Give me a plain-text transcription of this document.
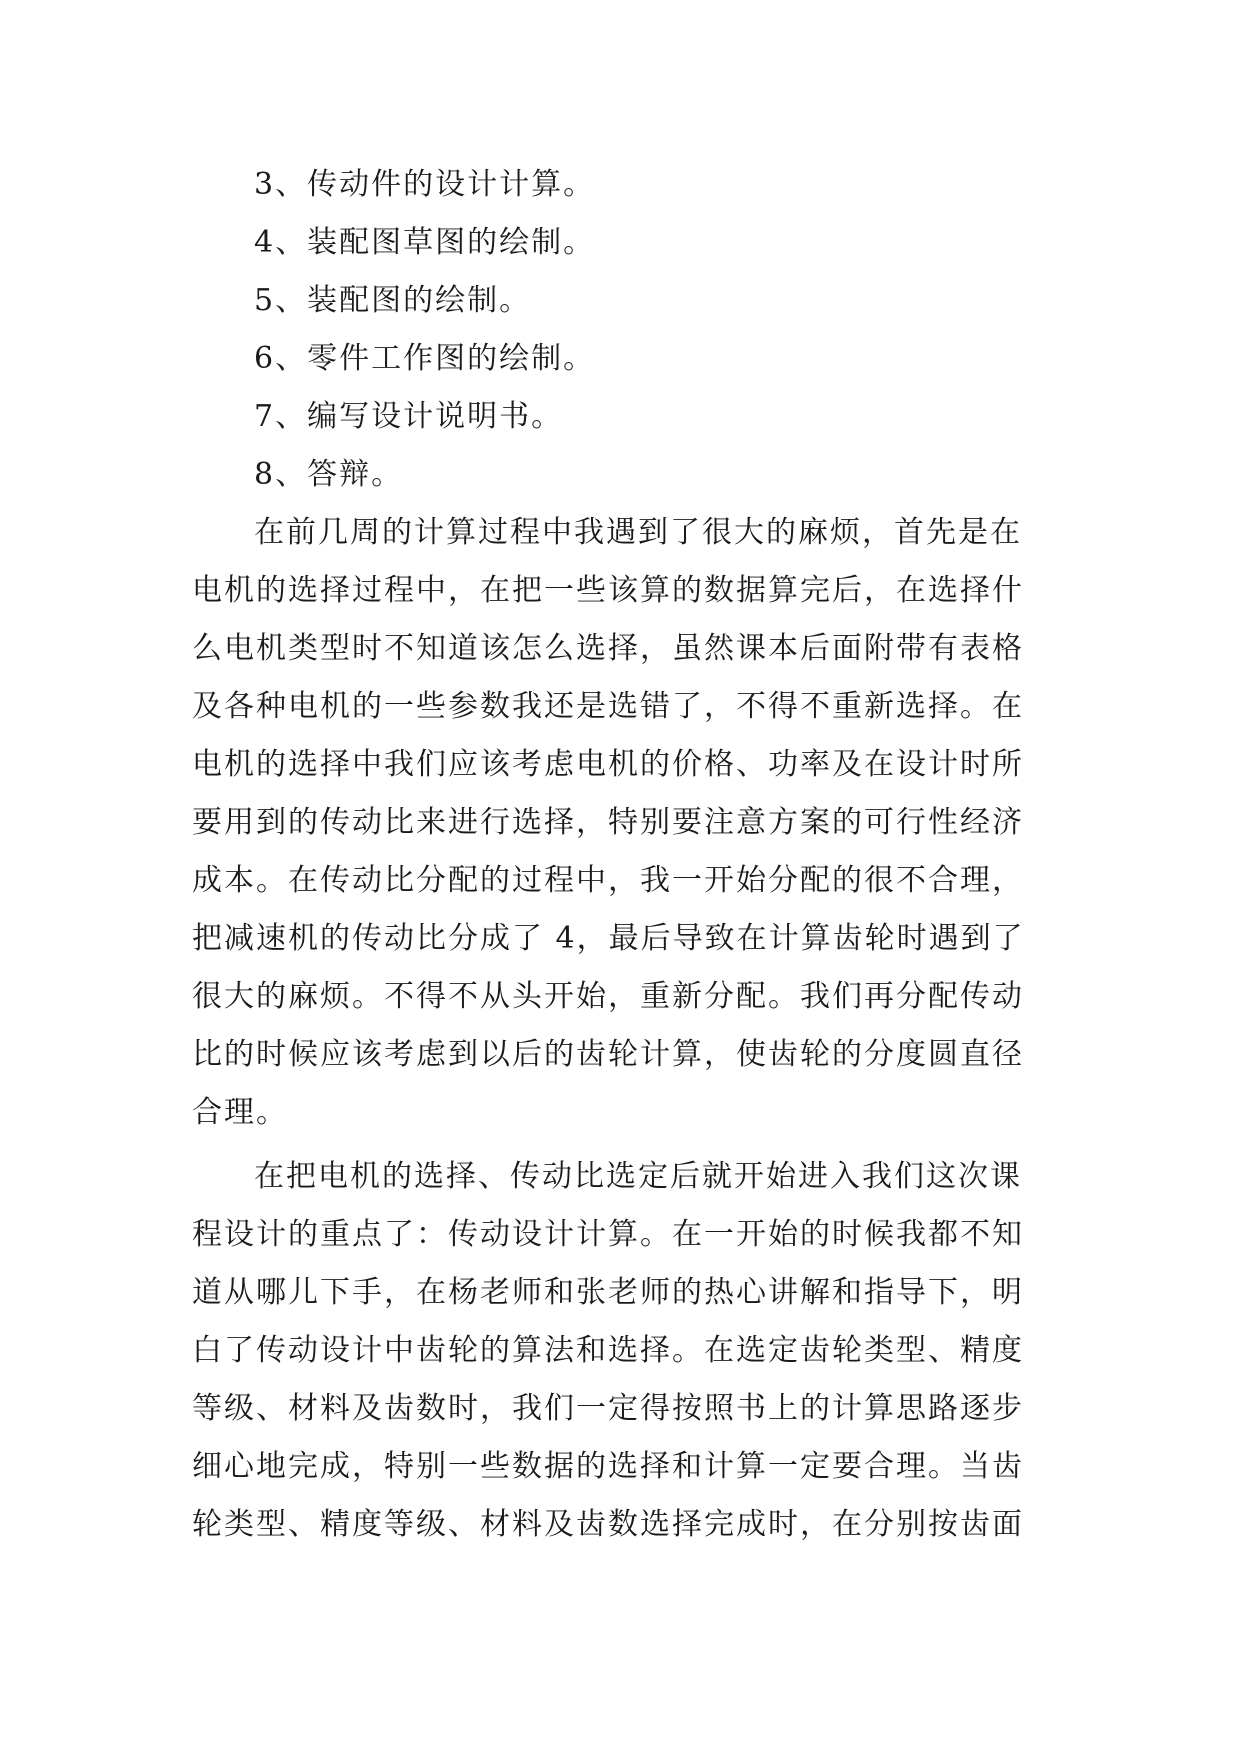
3、传动件的设计计算。
4、装配图草图的绘制。
5、装配图的绘制。
6、零件工作图的绘制。
7、编写设计说明书。
8、答辩。
在前几周的计算过程中我遇到了很大的麻烦，首先是在
电机的选择过程中，在把一些该算的数据算完后，在选择什
么电机类型时不知道该怎么选择，虽然课本后面附带有表格
及各种电机的一些参数我还是选错了，不得不重新选择。在
电机的选择中我们应该考虑电机的价格、功率及在设计时所
要用到的传动比来进行选择，特别要注意方案的可行性经济
成本。在传动比分配的过程中，我一开始分配的很不合理，
把减速机的传动比分成了 4，最后导致在计算齿轮时遇到了
很大的麻烦。不得不从头开始，重新分配。我们再分配传动
比的时候应该考虑到以后的齿轮计算，使齿轮的分度圆直径
合理。
在把电机的选择、传动比选定后就开始进入我们这次课
程设计的重点了：传动设计计算。在一开始的时候我都不知
道从哪儿下手，在杨老师和张老师的热心讲解和指导下，明
白了传动设计中齿轮的算法和选择。在选定齿轮类型、精度
等级、材料及齿数时，我们一定得按照书上的计算思路逐步
细心地完成，特别一些数据的选择和计算一定要合理。当齿
轮类型、精度等级、材料及齿数选择完成时，在分别按齿面
